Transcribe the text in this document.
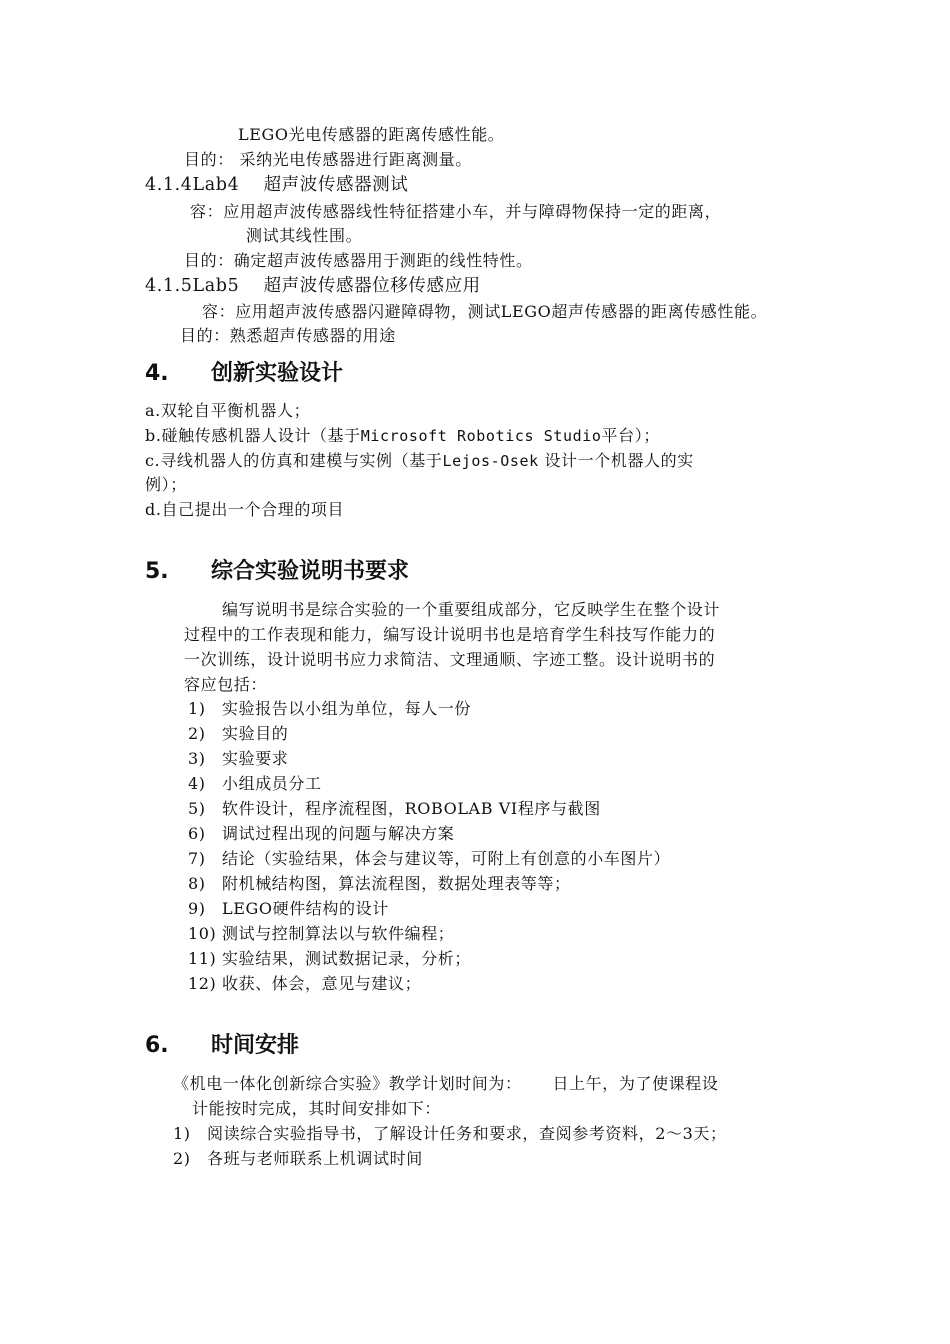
LEGO光电传感器的距离传感性能。
目的： 采纳光电传感器进行距离测量。
4.1.4Lab4　 超声波传感器测试
容：应用超声波传感器线性特征搭建小车，并与障碍物保持一定的距离，
测试其线性围。
目的：确定超声波传感器用于测距的线性特性。
4.1.5Lab5　 超声波传感器位移传感应用
容：应用超声波传感器闪避障碍物，测试LEGO超声传感器的距离传感性能。
目的：熟悉超声传感器的用途
4. 创新实验设计
a.双轮自平衡机器人；
b.碰触传感机器人设计（基于Microsoft Robotics Studio平台）；
c.寻线机器人的仿真和建模与实例（基于Lejos-Osek 设计一个机器人的实
例）；
d.自己提出一个合理的项目
5. 综合实验说明书要求
编写说明书是综合实验的一个重要组成部分，它反映学生在整个设计
过程中的工作表现和能力，编写设计说明书也是培育学生科技写作能力的
一次训练，设计说明书应力求简洁、文理通顺、字迹工整。设计说明书的
容应包括：
1) 实验报告以小组为单位，每人一份
2) 实验目的
3) 实验要求
4) 小组成员分工
5) 软件设计，程序流程图，ROBOLAB VI程序与截图
6) 调试过程出现的问题与解决方案
7) 结论（实验结果，体会与建议等，可附上有创意的小车图片）
8) 附机械结构图，算法流程图，数据处理表等等；
9) LEGO硬件结构的设计
10) 测试与控制算法以与软件编程；
11) 实验结果，测试数据记录，分析；
12) 收获、体会，意见与建议；
6. 时间安排
《机电一体化创新综合实验》教学计划时间为：　　 日上午，为了使课程设
计能按时完成，其时间安排如下：
1) 阅读综合实验指导书，了解设计任务和要求，查阅参考资料，2～3天；
2) 各班与老师联系上机调试时间
